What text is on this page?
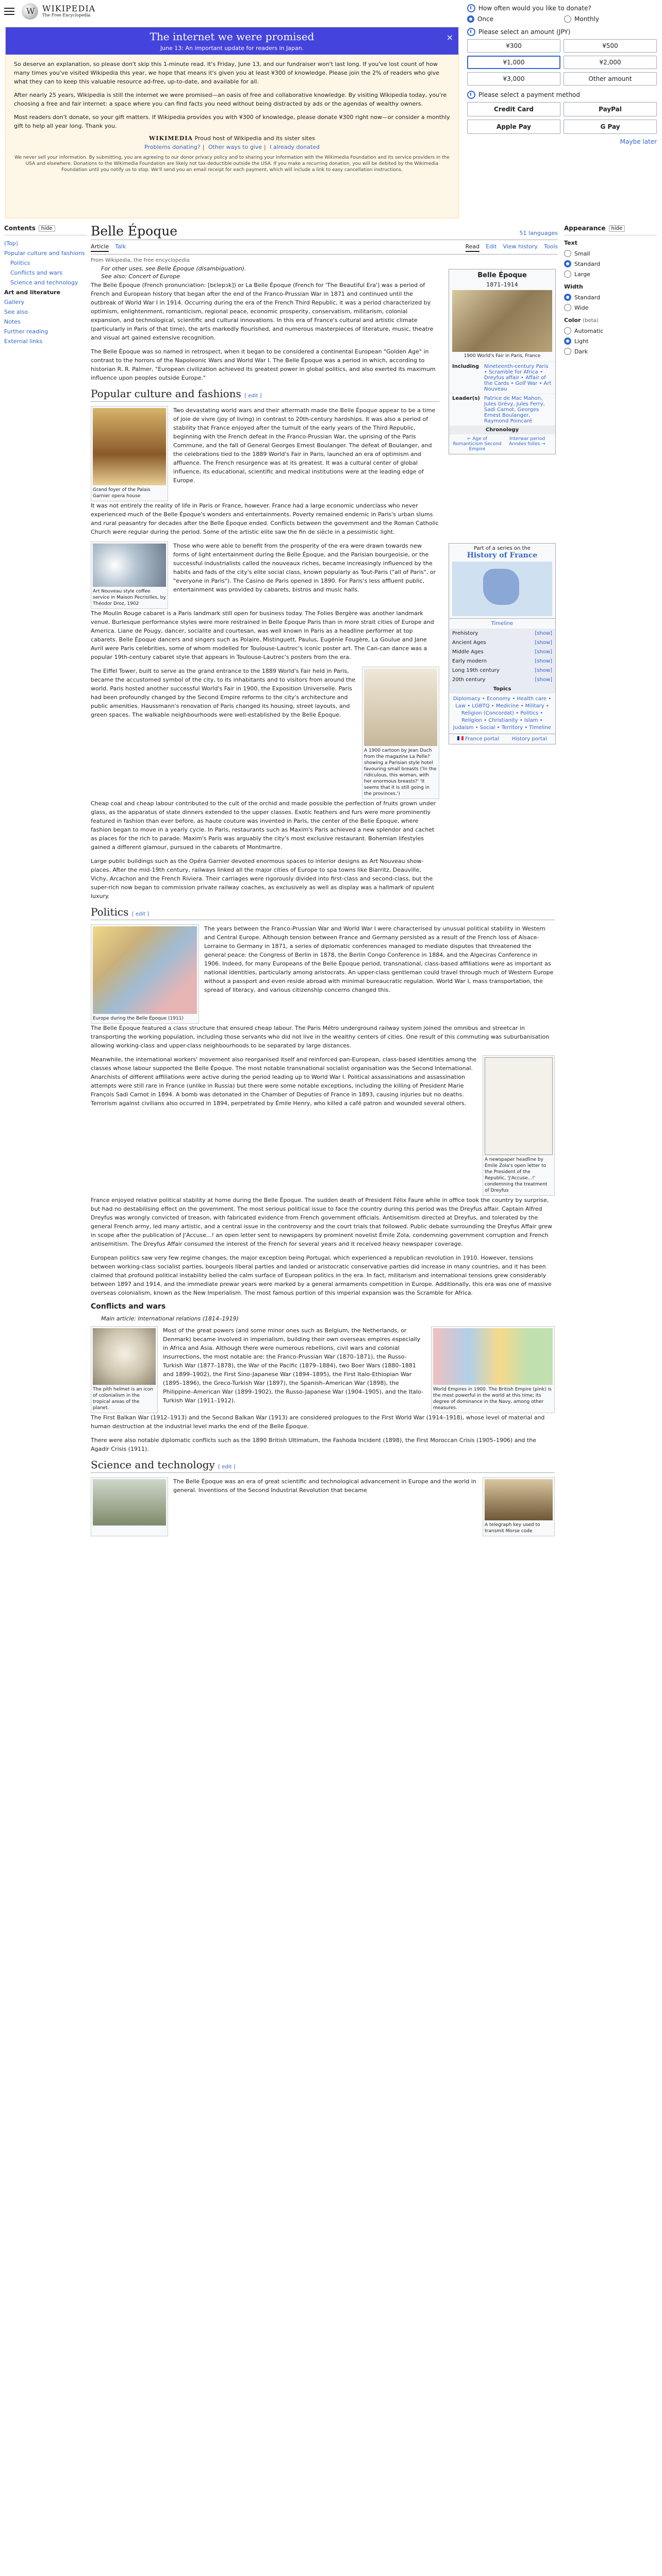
W
WIKIPEDIA
The Free Encyclopedia
The internet we were promised
June 13: An important update for readers in Japan.
×

So deserve an explanation, so please don't skip this 1-minute read. It's Friday, June 13, and our fundraiser won't last long. If you've lost count of how many times you've visited Wikipedia this year, we hope that means it's given you at least ¥300 of knowledge. Please join the 2% of readers who give what they can to keep this valuable resource ad-free, up-to-date, and available for all.

After nearly 25 years, Wikipedia is still the internet we were promised—an oasis of free and collaborative knowledge. By visiting Wikipedia today, you're choosing a free and fair internet: a space where you can find facts you need without being distracted by ads or the agendas of wealthy owners.

Most readers don't donate, so your gift matters. If Wikipedia provides you with ¥300 of knowledge, please donate ¥300 right now—or consider a monthly gift to help all year long. Thank you.

WIKIMEDIA Proud host of Wikipedia and its sister sites
Problems donating? | Other ways to give | I already donated
We never sell your information. By submitting, you are agreeing to our donor privacy policy and to sharing your information with the Wikimedia Foundation and its service providers in the USA and elsewhere. Donations to the Wikimedia Foundation are likely not tax-deductible outside the USA. If you make a recurring donation, you will be debited by the Wikimedia Foundation until you notify us to stop. We'll send you an email receipt for each payment, which will include a link to easy cancellation instructions.
How often would you like to donate?
Once	Monthly
Please select an amount (JPY)
¥300	¥500
¥1,000	¥2,000
¥3,000	Other amount
Please select a payment method
Credit Card	PayPal
Apple Pay	G Pay
Maybe later
Contents	hide
(Top)
Popular culture and fashions
Politics
Conflicts and wars
Science and technology
Art and literature
Gallery
See also
Notes
Further reading
External links
Appearance	hide
Text
Small
Standard
Large
Width
Standard
Wide
Color (beta)
Automatic
Light
Dark
Belle Époque	51 languages
Article Talk	Read Edit View history Tools
From Wikipedia, the free encyclopedia
For other uses, see Belle Époque (disambiguation).
See also: Concert of Europe	Belle Époque
1871–1914
1900 World's Fair in Paris, France
Including Nineteenth-century Paris • Scramble for Africa • Dreyfus affair • Affair of the Cards • Golf War • Art Nouveau
Leader(s) Patrice de Mac Mahon, Jules Grévy, Jules Ferry, Sadi Carnot, Georges Ernest Boulanger, Raymond Poincaré
Chronology
← Age of Romanticism Second Empire
Interwar period Années folles →
Part of a series on the
History of France
Timeline
Prehistory	[show]
Ancient Ages	[show]
Middle Ages	[show]
Early modern	[show]
Long 19th century	[show]
20th century	[show]
Topics
Diplomacy • Economy • Health care • Law • LGBTQ • Medicine • Military • Religion (Concordat) • Politics • Religion • Christianity • Islam • Judaism • Social • Territory • Timeline
France portal History portal

The Belle Époque (French pronunciation: [bɛlepɔk]) or La Belle Époque (French for 'The Beautiful Era') was a period of French and European history that began after the end of the Franco-Prussian War in 1871 and continued until the outbreak of World War I in 1914. Occurring during the era of the French Third Republic, it was a period characterized by optimism, enlightenment, romanticism, regional peace, economic prosperity, conservatism, militarism, colonial expansion, and technological, scientific and cultural innovations. In this era of France's cultural and artistic climate (particularly in Paris of that time), the arts markedly flourished, and numerous masterpieces of literature, music, theatre and visual art gained extensive recognition.

The Belle Époque was so named in retrospect, when it began to be considered a continental European "Golden Age" in contrast to the horrors of the Napoleonic Wars and World War I. The Belle Époque was a period in which, according to historian R. R. Palmer, "European civilization achieved its greatest power in global politics, and also exerted its maximum influence upon peoples outside Europe."

Popular culture and fashions [ edit ]
Grand foyer of the Palais Garnier opera house

Two devastating world wars and their aftermath made the Belle Époque appear to be a time of joie de vivre (joy of living) in contrast to 20th-century hardships. It was also a period of stability that France enjoyed after the tumult of the early years of the Third Republic, beginning with the French defeat in the Franco-Prussian War, the uprising of the Paris Commune, and the fall of General Georges Ernest Boulanger. The defeat of Boulanger, and the celebrations tied to the 1889 World's Fair in Paris, launched an era of optimism and affluence. The French resurgence was at its greatest. It was a cultural center of global influence, its educational, scientific and medical institutions were at the leading edge of Europe.

It was not entirely the reality of life in Paris or France, however. France had a large economic underclass who never experienced much of the Belle Époque's wonders and entertainments. Poverty remained endemic in Paris's urban slums and rural peasantry for decades after the Belle Époque ended. Conflicts between the government and the Roman Catholic Church were regular during the period. Some of the artistic elite saw the fin de siècle in a pessimistic light.

Art Nouveau style coffee service in Maison Pecrisilles, by Théodor Droz, 1902

Those who were able to benefit from the prosperity of the era were drawn towards new forms of light entertainment during the Belle Époque, and the Parisian bourgeoisie, or the successful industrialists called the nouveaux riches, became increasingly influenced by the habits and fads of the city's elite social class, known popularly as Tout-Paris ("all of Paris", or "everyone in Paris"). The Casino de Paris opened in 1890. For Paris's less affluent public, entertainment was provided by cabarets, bistros and music halls.

The Moulin Rouge cabaret is a Paris landmark still open for business today. The Folies Bergère was another landmark venue. Burlesque performance styles were more restrained in Belle Époque Paris than in more strait cities of Europe and America. Liane de Pougy, dancer, socialite and courtesan, was well known in Paris as a headline performer at top cabarets. Belle Époque dancers and singers such as Polaire, Mistinguett, Paulus, Eugénie Fougère, La Goulue and Jane Avril were Paris celebrities, some of whom modelled for Toulouse-Lautrec's iconic poster art. The Can-can dance was a popular 19th-century cabaret style that appears in Toulouse-Lautrec's posters from the era.

The Eiffel Tower, built to serve as the grand entrance to the 1889 World's Fair held in Paris, became the accustomed symbol of the city, to its inhabitants and to visitors from around the world. Paris hosted another successful World's Fair in 1900, the Exposition Universelle. Paris had been profoundly changed by the Second Empire reforms to the city's architecture and public amenities. Haussmann's renovation of Paris changed its housing, street layouts, and green spaces. The walkable neighbourhoods were well-established by the Belle Époque.

A 1900 cartoon by Jean Duch from the magazine La Pelle? showing a Parisian style hotel favouring small breasts ('In the ridiculous, this woman, with her enormous breasts?' 'It seems that it is still going in the provinces.')

Cheap coal and cheap labour contributed to the cult of the orchid and made possible the perfection of fruits grown under glass, as the apparatus of state dinners extended to the upper classes. Exotic feathers and furs were more prominently featured in fashion than ever before, as haute couture was invented in Paris, the center of the Belle Époque, where fashion began to move in a yearly cycle. In Paris, restaurants such as Maxim's Paris achieved a new splendor and cachet as places for the rich to parade. Maxim's Paris was arguably the city's most exclusive restaurant. Bohemian lifestyles gained a different glamour, pursued in the cabarets of Montmartre.

Large public buildings such as the Opéra Garnier devoted enormous spaces to interior designs as Art Nouveau show-places. After the mid-19th century, railways linked all the major cities of Europe to spa towns like Biarritz, Deauville, Vichy, Arcachon and the French Riviera. Their carriages were rigorously divided into first-class and second-class, but the super-rich now began to commission private railway coaches, as exclusively as well as display was a hallmark of opulent luxury.

Politics [ edit ]
Europe during the Belle Époque (1911)

The years between the Franco-Prussian War and World War I were characterised by unusual political stability in Western and Central Europe. Although tension between France and Germany persisted as a result of the French loss of Alsace-Lorraine to Germany in 1871, a series of diplomatic conferences managed to mediate disputes that threatened the general peace: the Congress of Berlin in 1878, the Berlin Congo Conference in 1884, and the Algeciras Conference in 1906. Indeed, for many Europeans of the Belle Époque period, transnational, class-based affiliations were as important as national identities, particularly among aristocrats. An upper-class gentleman could travel through much of Western Europe without a passport and even reside abroad with minimal bureaucratic regulation. World War I, mass transportation, the spread of literacy, and various citizenship concerns changed this.

The Belle Époque featured a class structure that ensured cheap labour. The Paris Métro underground railway system joined the omnibus and streetcar in transporting the working population, including those servants who did not live in the wealthy centers of cities. One result of this commuting was suburbanisation allowing working-class and upper-class neighbourhoods to be separated by large distances.

Meanwhile, the international workers' movement also reorganised itself and reinforced pan-European, class-based identities among the classes whose labour supported the Belle Époque. The most notable transnational socialist organisation was the Second International. Anarchists of different affiliations were active during the period leading up to World War I. Political assassinations and assassination attempts were still rare in France (unlike in Russia) but there were some notable exceptions, including the killing of President Marie François Sadi Carnot in 1894. A bomb was detonated in the Chamber of Deputies of France in 1893, causing injuries but no deaths. Terrorism against civilians also occurred in 1894, perpetrated by Émile Henry, who killed a café patron and wounded several others.

A newspaper headline by Émile Zola's open letter to the President of the Republic, 'J'Accuse...!' condemning the treatment of Dreyfus

France enjoyed relative political stability at home during the Belle Époque. The sudden death of President Félix Faure while in office took the country by surprise, but had no destabilising effect on the government. The most serious political issue to face the country during this period was the Dreyfus affair. Captain Alfred Dreyfus was wrongly convicted of treason, with fabricated evidence from French government officials. Antisemitism directed at Dreyfus, and tolerated by the general French army, led many artistic, and a central issue in the controversy and the court trials that followed. Public debate surrounding the Dreyfus Affair grew in scope after the publication of J'Accuse...! an open letter sent to newspapers by prominent novelist Émile Zola, condemning government corruption and French antisemitism. The Dreyfus Affair consumed the interest of the French for several years and it received heavy newspaper coverage.

European politics saw very few regime changes, the major exception being Portugal, which experienced a republican revolution in 1910. However, tensions between working-class socialist parties, bourgeois liberal parties and landed or aristocratic conservative parties did increase in many countries, and it has been claimed that profound political instability belied the calm surface of European politics in the era. In fact, militarism and international tensions grew considerably between 1897 and 1914, and the immediate prewar years were marked by a general armaments competition in Europe. Additionally, this era was one of massive overseas colonialism, known as the New Imperialism. The most famous portion of this imperial expansion was the Scramble for Africa.

Conflicts and wars
Main article: International relations (1814–1919)
The pith helmet is an icon of colonialism in the tropical areas of the planet.

Most of the great powers (and some minor ones such as Belgium, the Netherlands, or Denmark) became involved in imperialism, building their own overseas empires especially in Africa and Asia. Although there were numerous rebellions, civil wars and colonial insurrections, the most notable are: the Franco-Prussian War (1870–1871), the Russo-Turkish War (1877–1878), the War of the Pacific (1879–1884), two Boer Wars (1880–1881 and 1899–1902), the First Sino-Japanese War (1894–1895), the First Italo-Ethiopian War (1895–1896), the Greco-Turkish War (1897), the Spanish–American War (1898), the Philippine–American War (1899–1902), the Russo-Japanese War (1904–1905), and the Italo-Turkish War (1911–1912).

World Empires in 1900. The British Empire (pink) is the most powerful in the world at this time; its degree of dominance in the Navy, among other measures.

The First Balkan War (1912–1913) and the Second Balkan War (1913) are considered prologues to the First World War (1914–1918), whose level of material and human destruction at the industrial level marks the end of the Belle Époque.

There were also notable diplomatic conflicts such as the 1890 British Ultimatum, the Fashoda Incident (1898), the First Moroccan Crisis (1905–1906) and the Agadir Crisis (1911).

Science and technology [ edit ]

The Belle Époque was an era of great scientific and technological advancement in Europe and the world in general. Inventions of the Second Industrial Revolution that became

A telegraph key used to transmit Morse code
